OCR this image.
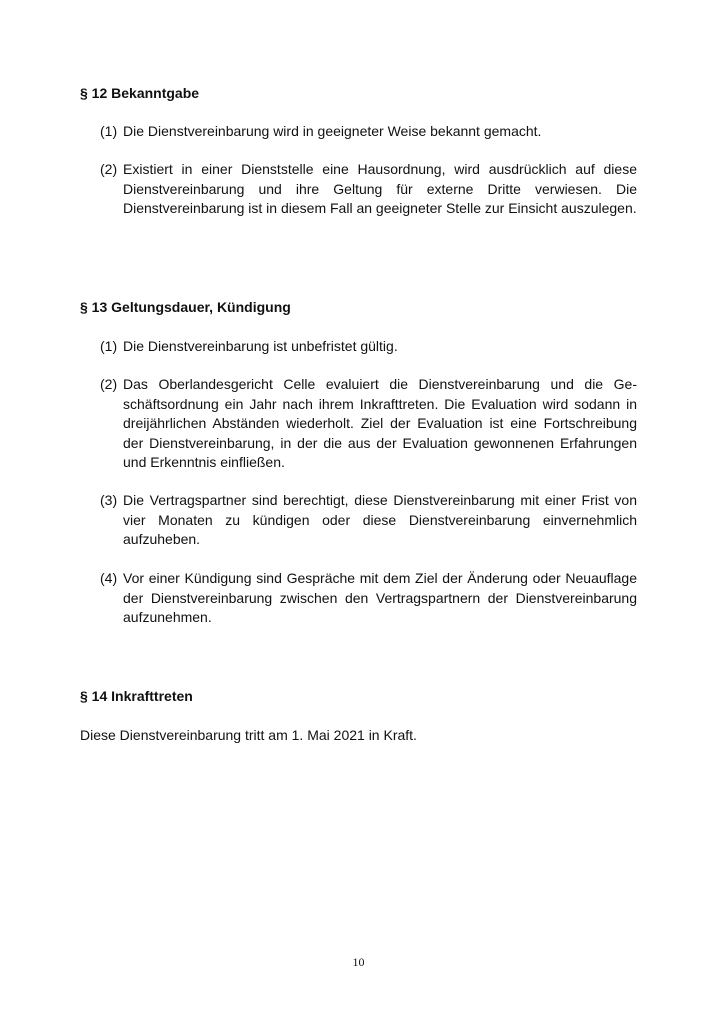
§ 12 Bekanntgabe
(1) Die Dienstvereinbarung wird in geeigneter Weise bekannt gemacht.
(2) Existiert in einer Dienststelle eine Hausordnung, wird ausdrücklich auf diese Dienstvereinbarung und ihre Geltung für externe Dritte verwiesen. Die Dienstvereinbarung ist in diesem Fall an geeigneter Stelle zur Einsicht auszulegen.
§ 13 Geltungsdauer, Kündigung
(1) Die Dienstvereinbarung ist unbefristet gültig.
(2) Das Oberlandesgericht Celle evaluiert die Dienstvereinbarung und die Geschäftsordnung ein Jahr nach ihrem Inkrafttreten. Die Evaluation wird sodann in dreijährlichen Abständen wiederholt. Ziel der Evaluation ist eine Fortschreibung der Dienstvereinbarung, in der die aus der Evaluation gewonnenen Erfahrungen und Erkenntnis einfließen.
(3) Die Vertragspartner sind berechtigt, diese Dienstvereinbarung mit einer Frist von vier Monaten zu kündigen oder diese Dienstvereinbarung einvernehmlich aufzuheben.
(4) Vor einer Kündigung sind Gespräche mit dem Ziel der Änderung oder Neuauflage der Dienstvereinbarung zwischen den Vertragspartnern der Dienstvereinbarung aufzunehmen.
§ 14 Inkrafttreten
Diese Dienstvereinbarung tritt am 1. Mai 2021 in Kraft.
10
